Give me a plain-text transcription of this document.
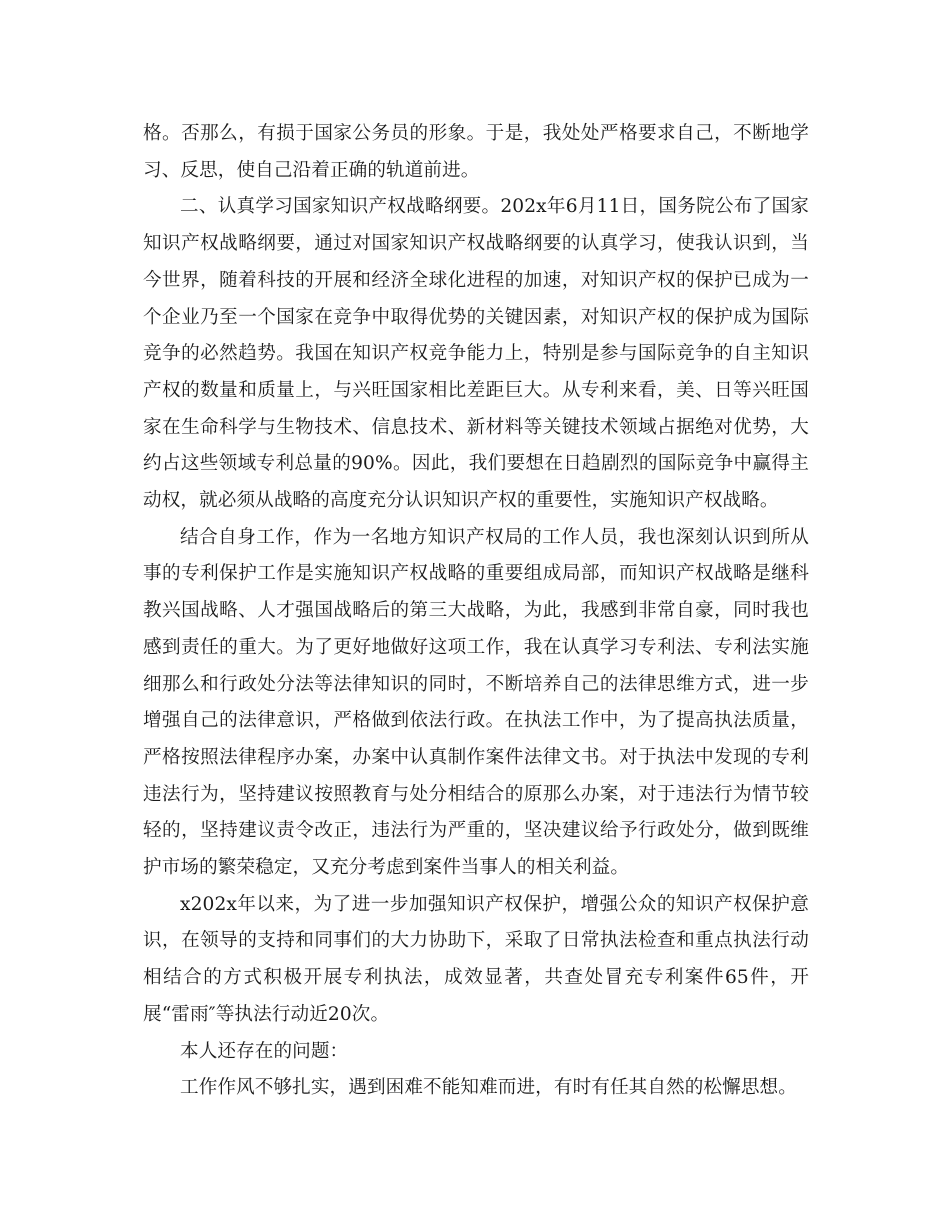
格。否那么，有损于国家公务员的形象。于是，我处处严格要求自己，不断地学习、反思，使自己沿着正确的轨道前进。

二、认真学习国家知识产权战略纲要。202x年6月11日，国务院公布了国家知识产权战略纲要，通过对国家知识产权战略纲要的认真学习，使我认识到，当今世界，随着科技的开展和经济全球化进程的加速，对知识产权的保护已成为一个企业乃至一个国家在竞争中取得优势的关键因素，对知识产权的保护成为国际竞争的必然趋势。我国在知识产权竞争能力上，特别是参与国际竞争的自主知识产权的数量和质量上，与兴旺国家相比差距巨大。从专利来看，美、日等兴旺国家在生命科学与生物技术、信息技术、新材料等关键技术领域占据绝对优势，大约占这些领域专利总量的90%。因此，我们要想在日趋剧烈的国际竞争中赢得主动权，就必须从战略的高度充分认识知识产权的重要性，实施知识产权战略。

结合自身工作，作为一名地方知识产权局的工作人员，我也深刻认识到所从事的专利保护工作是实施知识产权战略的重要组成局部，而知识产权战略是继科教兴国战略、人才强国战略后的第三大战略，为此，我感到非常自豪，同时我也感到责任的重大。为了更好地做好这项工作，我在认真学习专利法、专利法实施细那么和行政处分法等法律知识的同时，不断培养自己的法律思维方式，进一步增强自己的法律意识，严格做到依法行政。在执法工作中，为了提高执法质量，严格按照法律程序办案，办案中认真制作案件法律文书。对于执法中发现的专利违法行为，坚持建议按照教育与处分相结合的原那么办案，对于违法行为情节较轻的，坚持建议责令改正，违法行为严重的，坚决建议给予行政处分，做到既维护市场的繁荣稳定，又充分考虑到案件当事人的相关利益。

x202x年以来，为了进一步加强知识产权保护，增强公众的知识产权保护意识，在领导的支持和同事们的大力协助下，采取了日常执法检查和重点执法行动相结合的方式积极开展专利执法，成效显著，共查处冒充专利案件65件，开展“雷雨″等执法行动近20次。

本人还存在的问题：

工作作风不够扎实，遇到困难不能知难而进，有时有任其自然的松懈思想。
